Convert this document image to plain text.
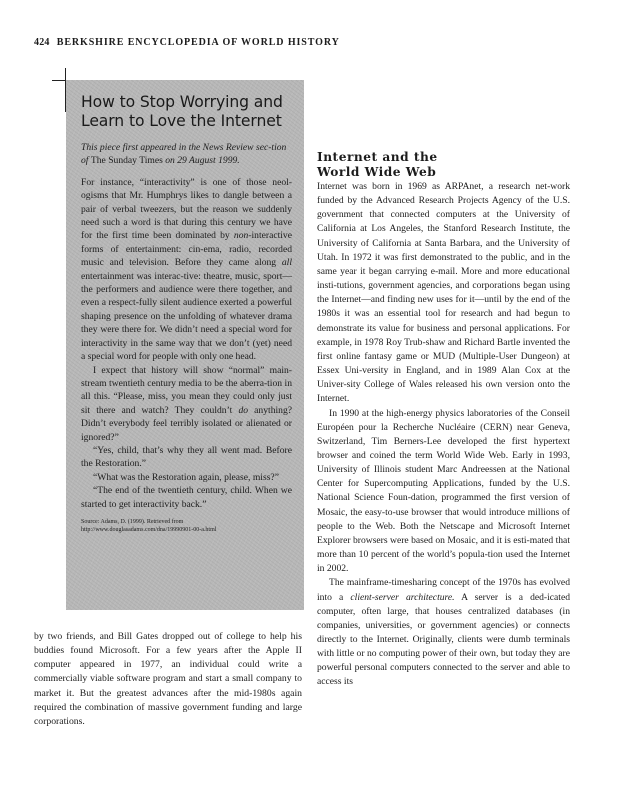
424 BERKSHIRE ENCYCLOPEDIA OF WORLD HISTORY
How to Stop Worrying and
Learn to Love the Internet

This piece first appeared in the News Review sec-tion of The Sunday Times on 29 August 1999.

For instance, “interactivity” is one of those neol-ogisms that Mr. Humphrys likes to dangle between a pair of verbal tweezers, but the reason we suddenly need such a word is that during this century we have for the first time been dominated by non-interactive forms of entertainment: cin-ema, radio, recorded music and television. Before they came along all entertainment was interac-tive: theatre, music, sport—the performers and audience were there together, and even a respect-fully silent audience exerted a powerful shaping presence on the unfolding of whatever drama they were there for. We didn’t need a special word for interactivity in the same way that we don’t (yet) need a special word for people with only one head.

I expect that history will show “normal” main-stream twentieth century media to be the aberra-tion in all this. “Please, miss, you mean they could only just sit there and watch? They couldn’t do anything? Didn’t everybody feel terribly isolated or alienated or ignored?”

“Yes, child, that’s why they all went mad. Before the Restoration.”

“What was the Restoration again, please, miss?”

“The end of the twentieth century, child. When we started to get interactivity back.”

Source: Adams, D. (1999). Retrieved from http://www.douglasadams.com/dna/19990901-00-a.html
Internet and the
World Wide Web

Internet was born in 1969 as ARPAnet, a research net-work funded by the Advanced Research Projects Agency of the U.S. government that connected computers at the University of California at Los Angeles, the Stanford Research Institute, the University of California at Santa Barbara, and the University of Utah. In 1972 it was first demonstrated to the public, and in the same year it began carrying e-mail. More and more educational insti-tutions, government agencies, and corporations began using the Internet—and finding new uses for it—until by the end of the 1980s it was an essential tool for research and had begun to demonstrate its value for business and personal applications. For example, in 1978 Roy Trub-shaw and Richard Bartle invented the first online fantasy game or MUD (Multiple-User Dungeon) at Essex Uni-versity in England, and in 1989 Alan Cox at the Univer-sity College of Wales released his own version onto the Internet.

In 1990 at the high-energy physics laboratories of the Conseil Européen pour la Recherche Nucléaire (CERN) near Geneva, Switzerland, Tim Berners-Lee developed the first hypertext browser and coined the term World Wide Web. Early in 1993, University of Illinois student Marc Andreessen at the National Center for Supercomputing Applications, funded by the U.S. National Science Foun-dation, programmed the first version of Mosaic, the easy-to-use browser that would introduce millions of people to the Web. Both the Netscape and Microsoft Internet Explorer browsers were based on Mosaic, and it is esti-mated that more than 10 percent of the world’s popula-tion used the Internet in 2002.

The mainframe-timesharing concept of the 1970s has evolved into a client-server architecture. A server is a ded-icated computer, often large, that houses centralized databases (in companies, universities, or government agencies) or connects directly to the Internet. Originally, clients were dumb terminals with little or no computing power of their own, but today they are powerful personal computers connected to the server and able to access its

by two friends, and Bill Gates dropped out of college to help his buddies found Microsoft. For a few years after the Apple II computer appeared in 1977, an individual could write a commercially viable software program and start a small company to market it. But the greatest advances after the mid-1980s again required the combination of massive government funding and large corporations.
